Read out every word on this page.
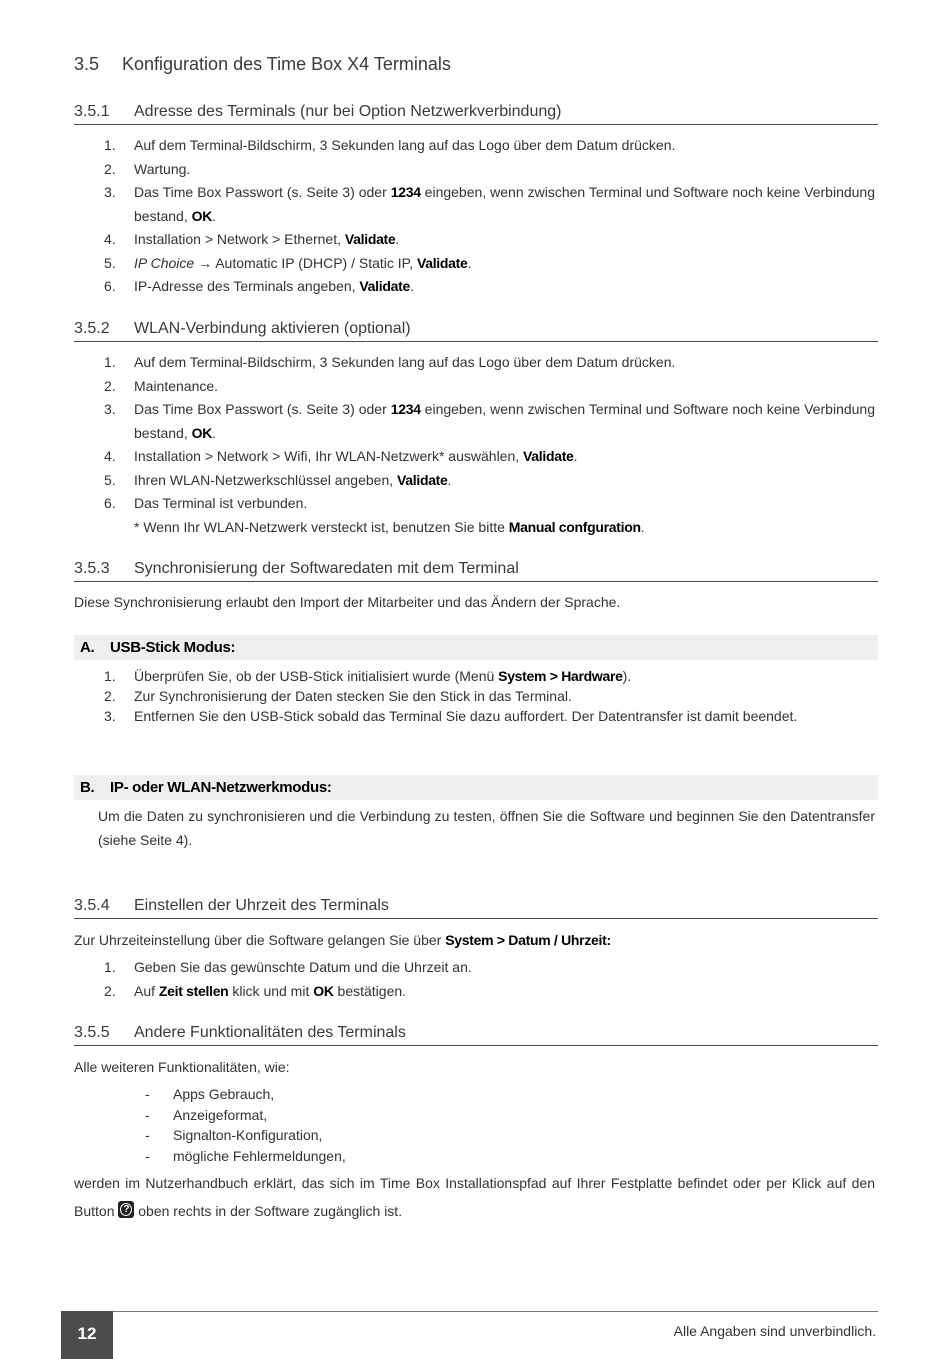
3.5 Konfiguration des Time Box X4 Terminals
3.5.1 Adresse des Terminals (nur bei Option Netzwerkverbindung)
1. Auf dem Terminal-Bildschirm, 3 Sekunden lang auf das Logo über dem Datum drücken.
2. Wartung.
3. Das Time Box Passwort (s. Seite 3) oder 1234 eingeben, wenn zwischen Terminal und Software noch keine Verbindung bestand, OK.
4. Installation > Network > Ethernet, Validate.
5. IP Choice → Automatic IP (DHCP) / Static IP, Validate.
6. IP-Adresse des Terminals angeben, Validate.
3.5.2 WLAN-Verbindung aktivieren (optional)
1. Auf dem Terminal-Bildschirm, 3 Sekunden lang auf das Logo über dem Datum drücken.
2. Maintenance.
3. Das Time Box Passwort (s. Seite 3) oder 1234 eingeben, wenn zwischen Terminal und Software noch keine Verbindung bestand, OK.
4. Installation > Network > Wifi, Ihr WLAN-Netzwerk* auswählen, Validate.
5. Ihren WLAN-Netzwerkschlüssel angeben, Validate.
6. Das Terminal ist verbunden.
* Wenn Ihr WLAN-Netzwerk versteckt ist, benutzen Sie bitte Manual confguration.
3.5.3 Synchronisierung der Softwaredaten mit dem Terminal
Diese Synchronisierung erlaubt den Import der Mitarbeiter und das Ändern der Sprache.
A. USB-Stick Modus:
1. Überprüfen Sie, ob der USB-Stick initialisiert wurde (Menü System > Hardware).
2. Zur Synchronisierung der Daten stecken Sie den Stick in das Terminal.
3. Entfernen Sie den USB-Stick sobald das Terminal Sie dazu auffordert. Der Datentransfer ist damit beendet.
B. IP- oder WLAN-Netzwerkmodus:
Um die Daten zu synchronisieren und die Verbindung zu testen, öffnen Sie die Software und beginnen Sie den Datentransfer (siehe Seite 4).
3.5.4 Einstellen der Uhrzeit des Terminals
Zur Uhrzeiteinstellung über die Software gelangen Sie über System > Datum / Uhrzeit:
1. Geben Sie das gewünschte Datum und die Uhrzeit an.
2. Auf Zeit stellen klick und mit OK bestätigen.
3.5.5 Andere Funktionalitäten des Terminals
Alle weiteren Funktionalitäten, wie:
- Apps Gebrauch,
- Anzeigeformat,
- Signalton-Konfiguration,
- mögliche Fehlermeldungen,
werden im Nutzerhandbuch erklärt, das sich im Time Box Installationspfad auf Ihrer Festplatte befindet oder per Klick auf den Button ? oben rechts in der Software zugänglich ist.
12	Alle Angaben sind unverbindlich.
